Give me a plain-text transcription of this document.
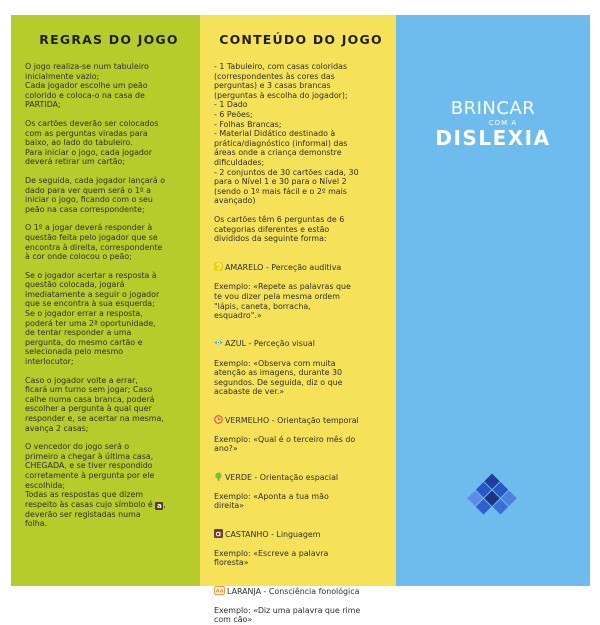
REGRAS DO JOGO

O jogo realiza-se num tabuleiro
inicialmente vazio;
Cada jogador escolhe um peão
colorido e coloca-o na casa de
PARTIDA;

Os cartões deverão ser colocados
com as perguntas viradas para
baixo, ao lado do tabuleiro.
Para iniciar o jogo, cada jogador
deverá retirar um cartão;

De seguida, cada jogador lançará o
dado para ver quem será o 1º a
iniciar o jogo, ficando com o seu
peão na casa correspondente;

O 1º a jogar deverá responder à
questão feita pelo jogador que se
encontra à direita, correspondente
à cor onde colocou o peão;

Se o jogador acertar a resposta à
questão colocada, jogará
imediatamente a seguir o jogador
que se encontra à sua esquerda;
Se o jogador errar a resposta,
poderá ter uma 2ª oportunidade,
de tentar responder a uma
pergunta, do mesmo cartão e
selecionada pelo mesmo
interlocutor;

Caso o jogador volte a errar,
ficará um turno sem jogar; Caso
calhe numa casa branca, poderá
escolher a pergunta à qual quer
responder e, se acertar na mesma,
avança 2 casas;

O vencedor do jogo será o
primeiro a chegar à última casa,
CHEGADA, e se tiver respondido
corretamente à pergunta por ele
escolhida;
Todas as respostas que dizem
respeito às casas cujo símbolo é a , deverão ser registadas numa
folha.

CONTEÚDO DO JOGO

- 1 Tabuleiro, com casas coloridas
(correspondentes às cores das
perguntas) e 3 casas brancas
(perguntas à escolha do jogador);
- 1 Dado
- 6 Peões;
- Folhas Brancas;
- Material Didático destinado à
prática/diagnóstico (informal) das
áreas onde a criança demonstre
dificuldades;
- 2 conjuntos de 30 cartões cada, 30
para o Nível 1 e 30 para o Nível 2
(sendo o 1º mais fácil e o 2º mais
avançado)

Os cartões têm 6 perguntas de 6
categorias diferentes e estão
divididos da seguinte forma:

AMARELO - Perceção auditiva

Exemplo: «Repete as palavras que
te vou dizer pela mesma ordem
"lápis, caneta, borracha,
esquadro".»

AZUL - Perceção visual

Exemplo: «Observa com muita
atenção as imagens, durante 30
segundos. De seguida, diz o que
acabaste de ver.»

VERMELHO - Orientação temporal

Exemplo: «Qual é o terceiro mês do
ano?»

VERDE - Orientação espacial

Exemplo: «Aponta a tua mão
direita»

CASTANHO - Linguagem

Exemplo: «Escreve a palavra
floresta»

Aä LARANJA - Consciência fonológica

Exemplo: «Diz uma palavra que rime
com cão»

BRINCAR
COM A
DISLEXIA
